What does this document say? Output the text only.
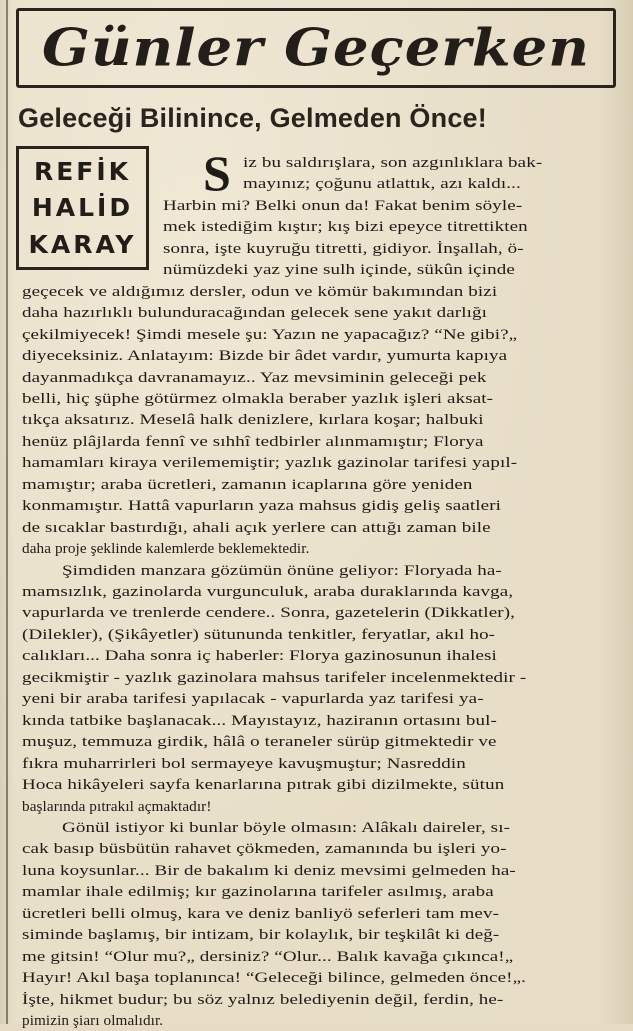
Günler Geçerken
Geleceği Bilinince, Gelmeden Önce!
REFİK
HALİD
KARAY
S iz bu saldırışlara, son azgınlıklara bak-
mayınız; çoğunu atlattık, azı kaldı...
Harbin mi? Belki onun da! Fakat benim söyle-
mek istediğim kıştır; kış bizi epeyce titrettikten
sonra, işte kuyruğu titretti, gidiyor. İnşallah, ö-
nümüzdeki yaz yine sulh içinde, sükûn içinde
geçecek ve aldığımız dersler, odun ve kömür bakımından bizi
daha hazırlıklı bulunduracağından gelecek sene yakıt darlığı
çekilmiyecek! Şimdi mesele şu: Yazın ne yapacağız? “Ne gibi?„
diyeceksiniz. Anlatayım: Bizde bir âdet vardır, yumurta kapıya
dayanmadıkça davranamayız.. Yaz mevsiminin geleceği pek
belli, hiç şüphe götürmez olmakla beraber yazlık işleri aksat-
tıkça aksatırız. Meselâ halk denizlere, kırlara koşar; halbuki
henüz plâjlarda fennî ve sıhhî tedbirler alınmamıştır; Florya
hamamları kiraya verilememiştir; yazlık gazinolar tarifesi yapıl-
mamıştır; araba ücretleri, zamanın icaplarına göre yeniden
konmamıştır. Hattâ vapurların yaza mahsus gidiş geliş saatleri
de sıcaklar bastırdığı, ahali açık yerlere can attığı zaman bile
daha proje şeklinde kalemlerde beklemektedir.
Şimdiden manzara gözümün önüne geliyor: Floryada ha-
mamsızlık, gazinolarda vurgunculuk, araba duraklarında kavga,
vapurlarda ve trenlerde cendere.. Sonra, gazetelerin (Dikkatler),
(Dilekler), (Şikâyetler) sütununda tenkitler, feryatlar, akıl ho-
calıkları... Daha sonra iç haberler: Florya gazinosunun ihalesi
gecikmiştir - yazlık gazinolara mahsus tarifeler incelenmektedir -
yeni bir araba tarifesi yapılacak - vapurlarda yaz tarifesi ya-
kında tatbike başlanacak... Mayıstayız, haziranın ortasını bul-
muşuz, temmuza girdik, hâlâ o teraneler sürüp gitmektedir ve
fıkra muharrirleri bol sermayeye kavuşmuştur; Nasreddin
Hoca hikâyeleri sayfa kenarlarına pıtrak gibi dizilmekte, sütun
başlarında pıtrakıl açmaktadır!
Gönül istiyor ki bunlar böyle olmasın: Alâkalı daireler, sı-
cak basıp büsbütün rahavet çökmeden, zamanında bu işleri yo-
luna koysunlar... Bir de bakalım ki deniz mevsimi gelmeden ha-
mamlar ihale edilmiş; kır gazinolarına tarifeler asılmış, araba
ücretleri belli olmuş, kara ve deniz banliyö seferleri tam mev-
siminde başlamış, bir intizam, bir kolaylık, bir teşkilât ki değ-
me gitsin! “Olur mu?„ dersiniz? “Olur... Balık kavağa çıkınca!„
Hayır! Akıl başa toplanınca! “Geleceği bilince, gelmeden önce!„.
İşte, hikmet budur; bu söz yalnız belediyenin değil, ferdin, he-
pimizin şiarı olmalıdır.
